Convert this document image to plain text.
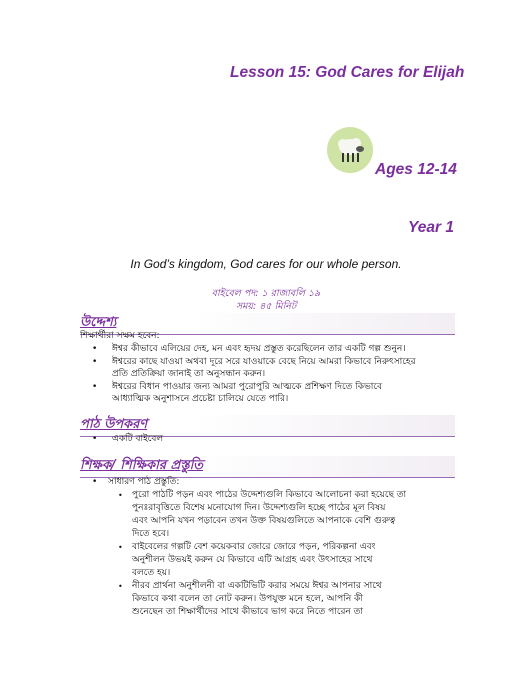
Lesson 15: God Cares for Elijah
Ages 12-14
Year 1
In God’s kingdom, God cares for our whole person.
বাইবেল পদ: ১ রাজাবলি ১৯
সময়: ৪৫ মিনিট
উদ্দেশ্য
শিক্ষার্থীরা সক্ষম হবেন:
• ঈশ্বর কীভাবে এলিয়ের দেহ, মন এবং হৃদয় প্রস্তুত করেছিলেন তার একটি গল্প শুনুন।
• ঈশ্বরের কাছে যাওয়া অথবা দূরে সরে যাওয়াকে বেছে নিয়ে আমরা কিভাবে নিরুৎসাহের
প্রতি প্রতিক্রিয়া জানাই তা অনুসন্ধান করুন।
• ঈশ্বরের বিধান পাওয়ার জন্য আমরা পুরোপুরি আত্মকে প্রশিক্ষণ দিতে কিভাবে
আধ্যাত্মিক অনুশাসনে প্রচেষ্টা চালিয়ে যেতে পারি।
পাঠ উপকরণ
• একটি বাইবেল
শিক্ষক/ শিক্ষিকার প্রস্তুতি
• সাধারণ পাঠ প্রস্তুতি:
• পুরো পাঠটি পড়ন এবং পাঠের উদ্দেশ্যগুলি কিভাবে আলোচনা করা হয়েছে তা
পুনঃরাবৃত্তিতে বিশেষ মনোযোগ দিন। উদ্দেশ্যগুলি হচ্ছে পাঠের মূল বিষয়
এবং আপনি যখন পড়াবেন তখন উক্ত বিষয়গুলিতে আপনাকে বেশি গুরুত্ব
দিতে হবে।
• বাইবেলের গল্পটি বেশ কয়েকবার জোরে জোরে পড়ন, পরিকল্পনা এবং
অনুশীলন উভয়ই করুন যে কিভাবে এটি আগ্রহ এবং উৎসাহের সাথে
বলতে হয়।
• নীরব প্রার্থনা অনুশীলনী বা একটিভিটি করার সময়ে ঈশ্বর আপনার সাথে
কিভাবে কথা বলেন তা নোট করুন। উপযুক্ত মনে হলে, আপনি কী
শুনেছেন তা শিক্ষার্থীদের সাথে কীভাবে ভাগ করে নিতে পারেন তা
